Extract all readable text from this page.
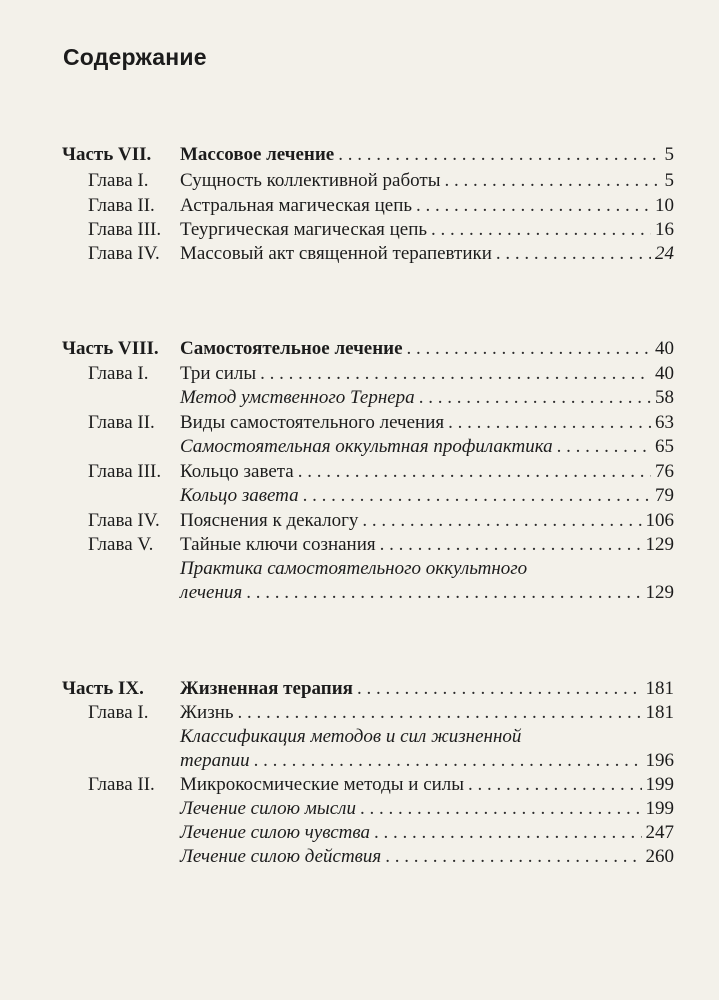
Содержание
Часть VII. Массовое лечение . . .	5
Глава I. Сущность коллективной работы . . .	5
Глава II. Астральная магическая цепь . . .	10
Глава III. Теургическая магическая цепь . . .	16
Глава IV. Массовый акт священной терапевтики . . .	24
Часть VIII. Самостоятельное лечение . . .	40
Глава I. Три силы . . .	40
Метод умственного Тернера . . .	58
Глава II. Виды самостоятельного лечения . . .	63
Самостоятельная оккультная профилактика . . .	65
Глава III. Кольцо завета . . .	76
Кольцо завета . . .	79
Глава IV. Пояснения к декалогу . . .	106
Глава V. Тайные ключи сознания . . .	129
Практика самостоятельного оккультного
лечения . . .	129
Часть IX. Жизненная терапия . . .	181
Глава I. Жизнь . . .	181
Классификация методов и сил жизненной
терапии . . .	196
Глава II. Микрокосмические методы и силы . . .	199
Лечение силою мысли . . .	199
Лечение силою чувства . . .	247
Лечение силою действия . . .	260
